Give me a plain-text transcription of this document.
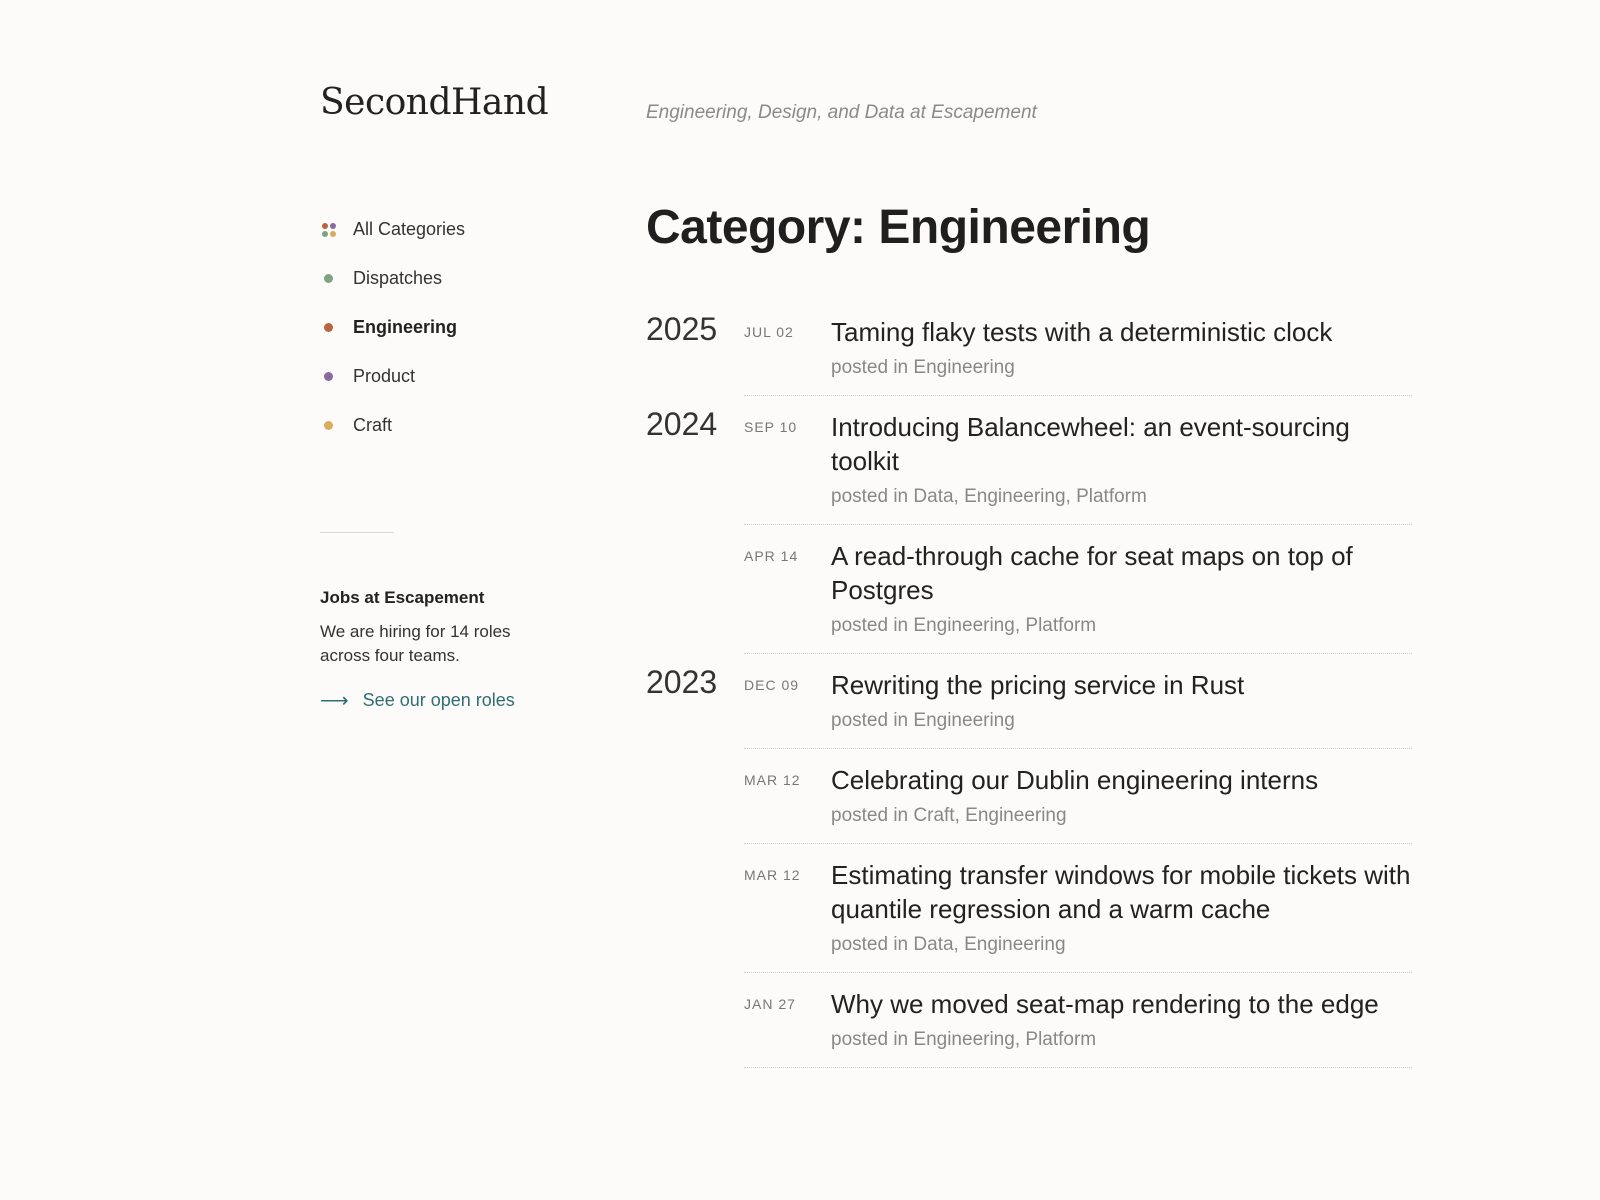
SecondHand	Engineering, Design, and Data at Escapement
All Categories
Dispatches
Engineering
Product
Craft
Jobs at Escapement
We are hiring for 14 roles across four teams.
⟶ See our open roles
Category: Engineering
2025	JUL 02	Taming flaky tests with a deterministic clock
posted in Engineering
2024	SEP 10	Introducing Balancewheel: an event-sourcing toolkit
posted in Data, Engineering, Platform
APR 14	A read-through cache for seat maps on top of Postgres
posted in Engineering, Platform
2023	DEC 09	Rewriting the pricing service in Rust
posted in Engineering
MAR 12	Celebrating our Dublin engineering interns
posted in Craft, Engineering
MAR 12	Estimating transfer windows for mobile tickets with quantile regression and a warm cache
posted in Data, Engineering
JAN 27	Why we moved seat-map rendering to the edge
posted in Engineering, Platform
